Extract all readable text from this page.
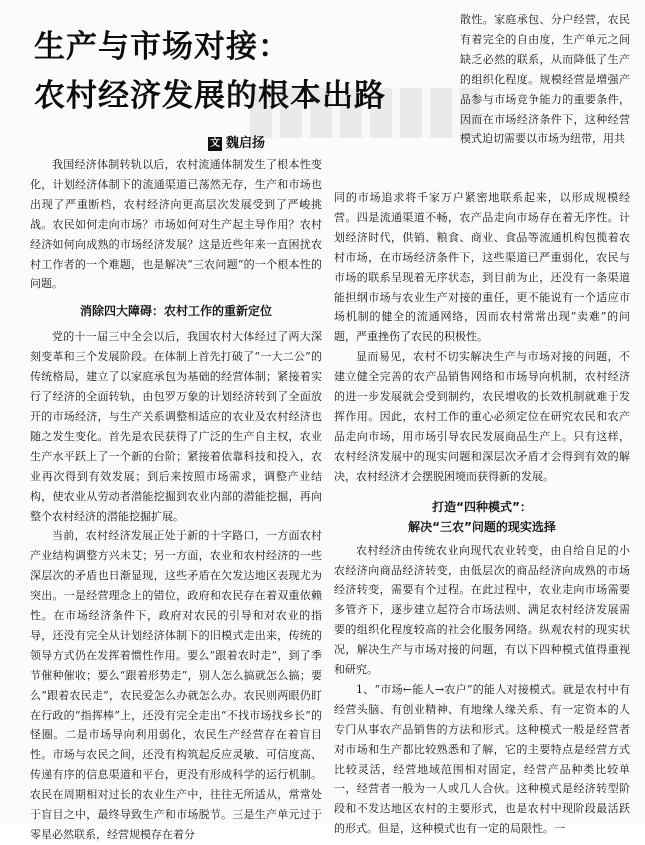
生产与市场对接：
农村经济发展的根本出路
文 魏启扬

散性。家庭承包、分户经营，农民有着完全的自由度，生产单元之间缺乏必然的联系，从而降低了生产的组织化程度。规模经营是增强产品参与市场竞争能力的重要条件，因而在市场经济条件下，这种经营模式迫切需要以市场为纽带，用共

我国经济体制转轨以后，农村流通体制发生了根本性变化，计划经济体制下的流通渠道已荡然无存，生产和市场也出现了严重断档，农村经济向更高层次发展受到了严峻挑战。农民如何走向市场？市场如何对生产起主导作用？农村经济如何向成熟的市场经济发展？这是近些年来一直困扰农村工作者的一个难题，也是解决“三农问题”的一个根本性的问题。

消除四大障碍：农村工作的重新定位

党的十一届三中全会以后，我国农村大体经过了两大深刻变革和三个发展阶段。在体制上首先打破了“一大二公”的传统格局，建立了以家庭承包为基础的经营体制；紧接着实行了经济的全面转轨，由包罗万象的计划经济转到了全面放开的市场经济，与生产关系调整相适应的农业及农村经济也随之发生变化。首先是农民获得了广泛的生产自主权，农业生产水平跃上了一个新的台阶；紧接着依靠科技和投入，农业再次得到有效发展；到后来按照市场需求，调整产业结构，使农业从劳动者潜能挖掘到农业内部的潜能挖掘，再向整个农村经济的潜能挖掘扩展。

当前，农村经济发展正处于新的十字路口，一方面农村产业结构调整方兴未艾；另一方面，农业和农村经济的一些深层次的矛盾也日渐显现，这些矛盾在欠发达地区表现尤为突出。一是经营理念上的错位，政府和农民存在着双重依赖性。在市场经济条件下，政府对农民的引导和对农业的指导，还没有完全从计划经济体制下的旧模式走出来，传统的领导方式仍在发挥着惯性作用。要么“跟着农时走”，到了季节催种催收；要么“跟着形势走”，别人怎么搞就怎么搞；要么“跟着农民走”，农民爱怎么办就怎么办。农民则两眼仍盯在行政的“指挥棒”上，还没有完全走出“不找市场找乡长”的怪圈。二是市场导向利用弱化，农民生产经营存在着盲目性。市场与农民之间，还没有构筑起反应灵敏、可信度高、传递有序的信息渠道和平台，更没有形成科学的运行机制。农民在周期相对过长的农业生产中，往往无所适从，常常处于盲目之中，最终导致生产和市场脱节。三是生产单元过于零星必然联系，经营规模存在着分

同的市场追求将千家万户紧密地联系起来，以形成规模经营。四是流通渠道不畅，农产品走向市场存在着无序性。计划经济时代，供销、粮食、商业、食品等流通机构包揽着农村市场，在市场经济条件下，这些渠道已严重弱化，农民与市场的联系呈现着无序状态，到目前为止，还没有一条渠道能担纲市场与农业生产对接的重任，更不能说有一个适应市场机制的健全的流通网络，因而农村常常出现“卖难”的问题，严重挫伤了农民的积极性。

显而易见，农村不切实解决生产与市场对接的问题，不建立健全完善的农产品销售网络和市场导向机制，农村经济的进一步发展就会受到制约，农民增收的长效机制就难于发挥作用。因此，农村工作的重心必须定位在研究农民和农产品走向市场，用市场引导农民发展商品生产上。只有这样，农村经济发展中的现实问题和深层次矛盾才会得到有效的解决，农村经济才会摆脱困境而获得新的发展。

打造“四种模式”：
解决“三农”问题的现实选择

农村经济由传统农业向现代农业转变，由自给自足的小农经济向商品经济转变，由低层次的商品经济向成熟的市场经济转变，需要有个过程。在此过程中，农业走向市场需要多管齐下，逐步建立起符合市场法则、满足农村经济发展需要的组织化程度较高的社会化服务网络。纵观农村的现实状况，解决生产与市场对接的问题，有以下四种模式值得重视和研究。

1、“市场←能人→农户”的能人对接模式。就是农村中有经营头脑、有创业精神、有地缘人缘关系、有一定资本的人专门从事农产品销售的方法和形式。这种模式一般是经营者对市场和生产都比较熟悉和了解，它的主要特点是经营方式比较灵活，经营地域范围相对固定，经营产品种类比较单一，经营者一般为一人或几人合伙。这种模式是经济转型阶段和不发达地区农村的主要形式，也是农村中现阶段最活跃的形式。但是，这种模式也有一定的局限性。一
